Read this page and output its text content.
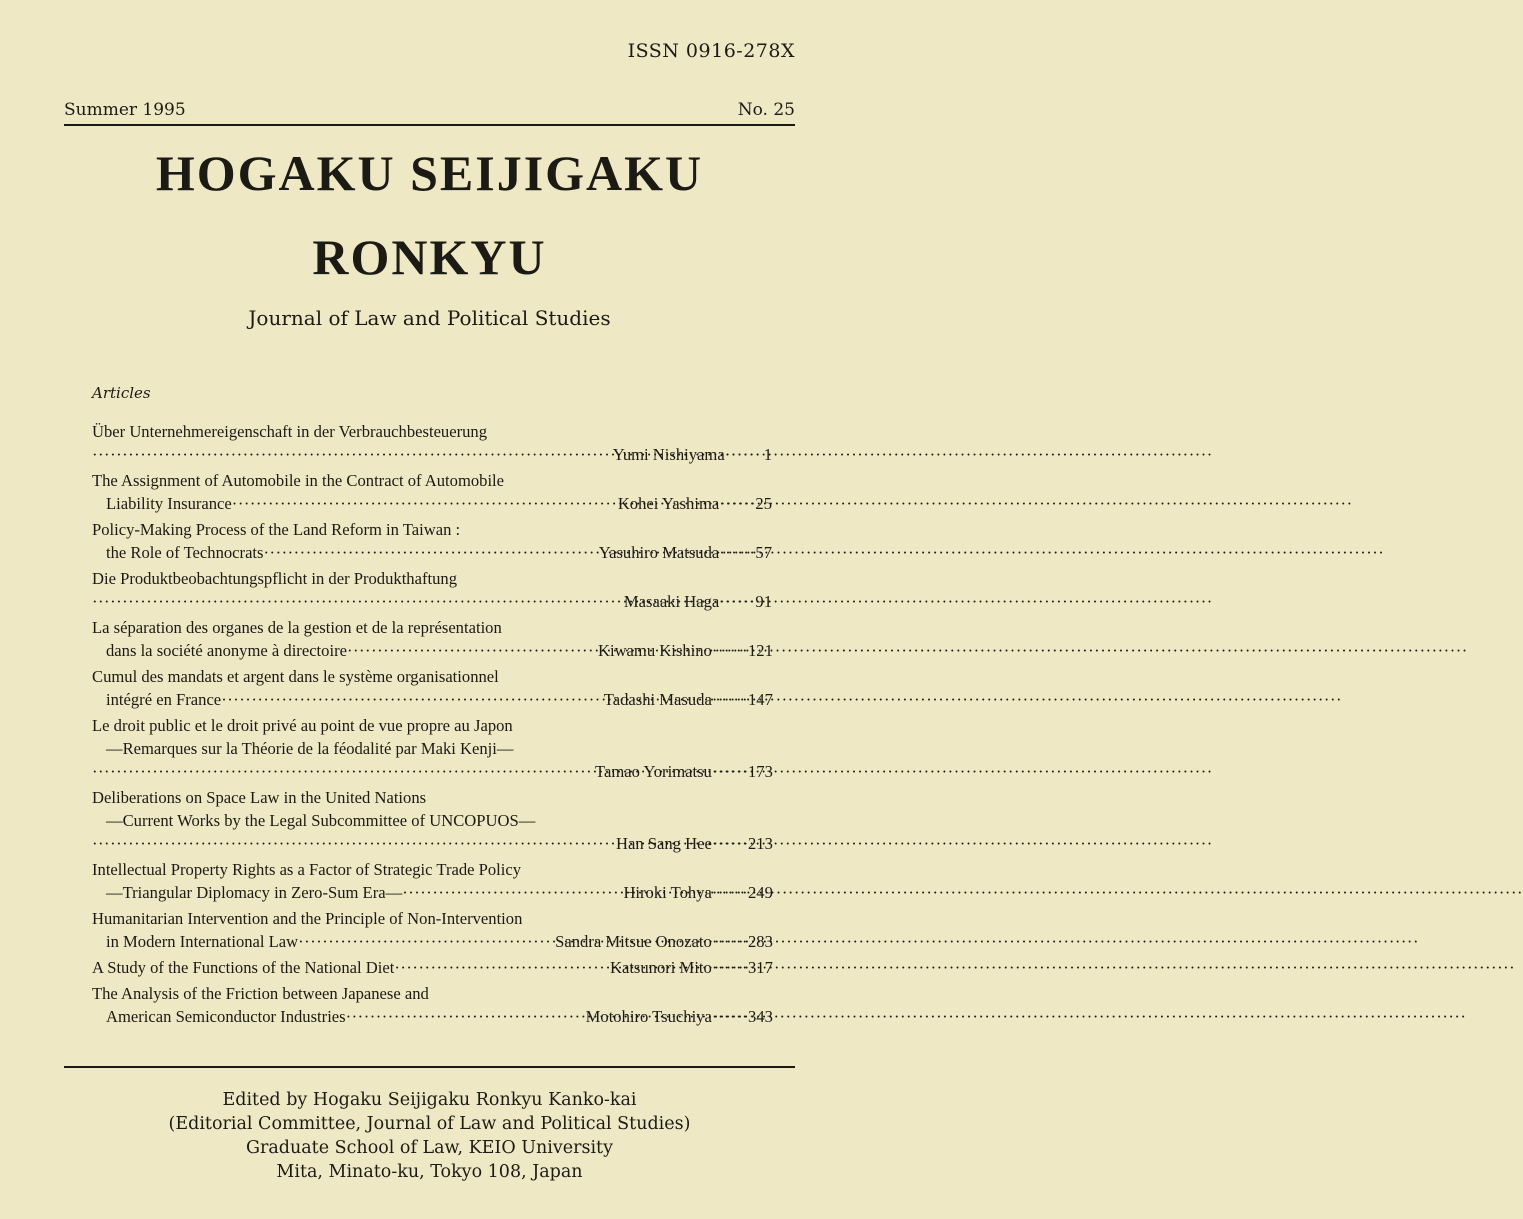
ISSN 0916-278X
Summer 1995	No. 25
HOGAKU SEIJIGAKU
RONKYU
Journal of Law and Political Studies
Articles
Über Unternehmereigenschaft in der Verbrauchbesteuerung
·····
Yumi Nishiyama ······ 1
The Assignment of Automobile in the Contract of Automobile
Liability Insurance ·····	Kohei Yashima ······ 25
Policy-Making Process of the Land Reform in Taiwan :
the Role of Technocrats ·····	Yasuhiro Matsuda ······ 57
Die Produktbeobachtungspflicht in der Produkthaftung
·····
Masaaki Haga ······ 91
La séparation des organes de la gestion et de la représentation
dans la société anonyme à directoire ·····	Kiwamu Kishino ······ 121
Cumul des mandats et argent dans le système organisationnel
intégré en France ·····	Tadashi Masuda ······ 147
Le droit public et le droit privé au point de vue propre au Japon
—Remarques sur la Théorie de la féodalité par Maki Kenji—
·····
Tamao Yorimatsu ······ 173
Deliberations on Space Law in the United Nations
—Current Works by the Legal Subcommittee of UNCOPUOS—
·····
Han Sang Hee ······ 213
Intellectual Property Rights as a Factor of Strategic Trade Policy
—Triangular Diplomacy in Zero-Sum Era— ·····	Hiroki Tohya ······ 249
Humanitarian Intervention and the Principle of Non-Intervention
in Modern International Law ·····	Sandra Mitsue Onozato ······ 283
A Study of the Functions of the National Diet ·····	Katsunori Mito ······ 317
The Analysis of the Friction between Japanese and
American Semiconductor Industries ·····	Motohiro Tsuchiya ······ 343
Edited by Hogaku Seijigaku Ronkyu Kanko-kai
(Editorial Committee, Journal of Law and Political Studies)
Graduate School of Law, KEIO University
Mita, Minato-ku, Tokyo 108, Japan
